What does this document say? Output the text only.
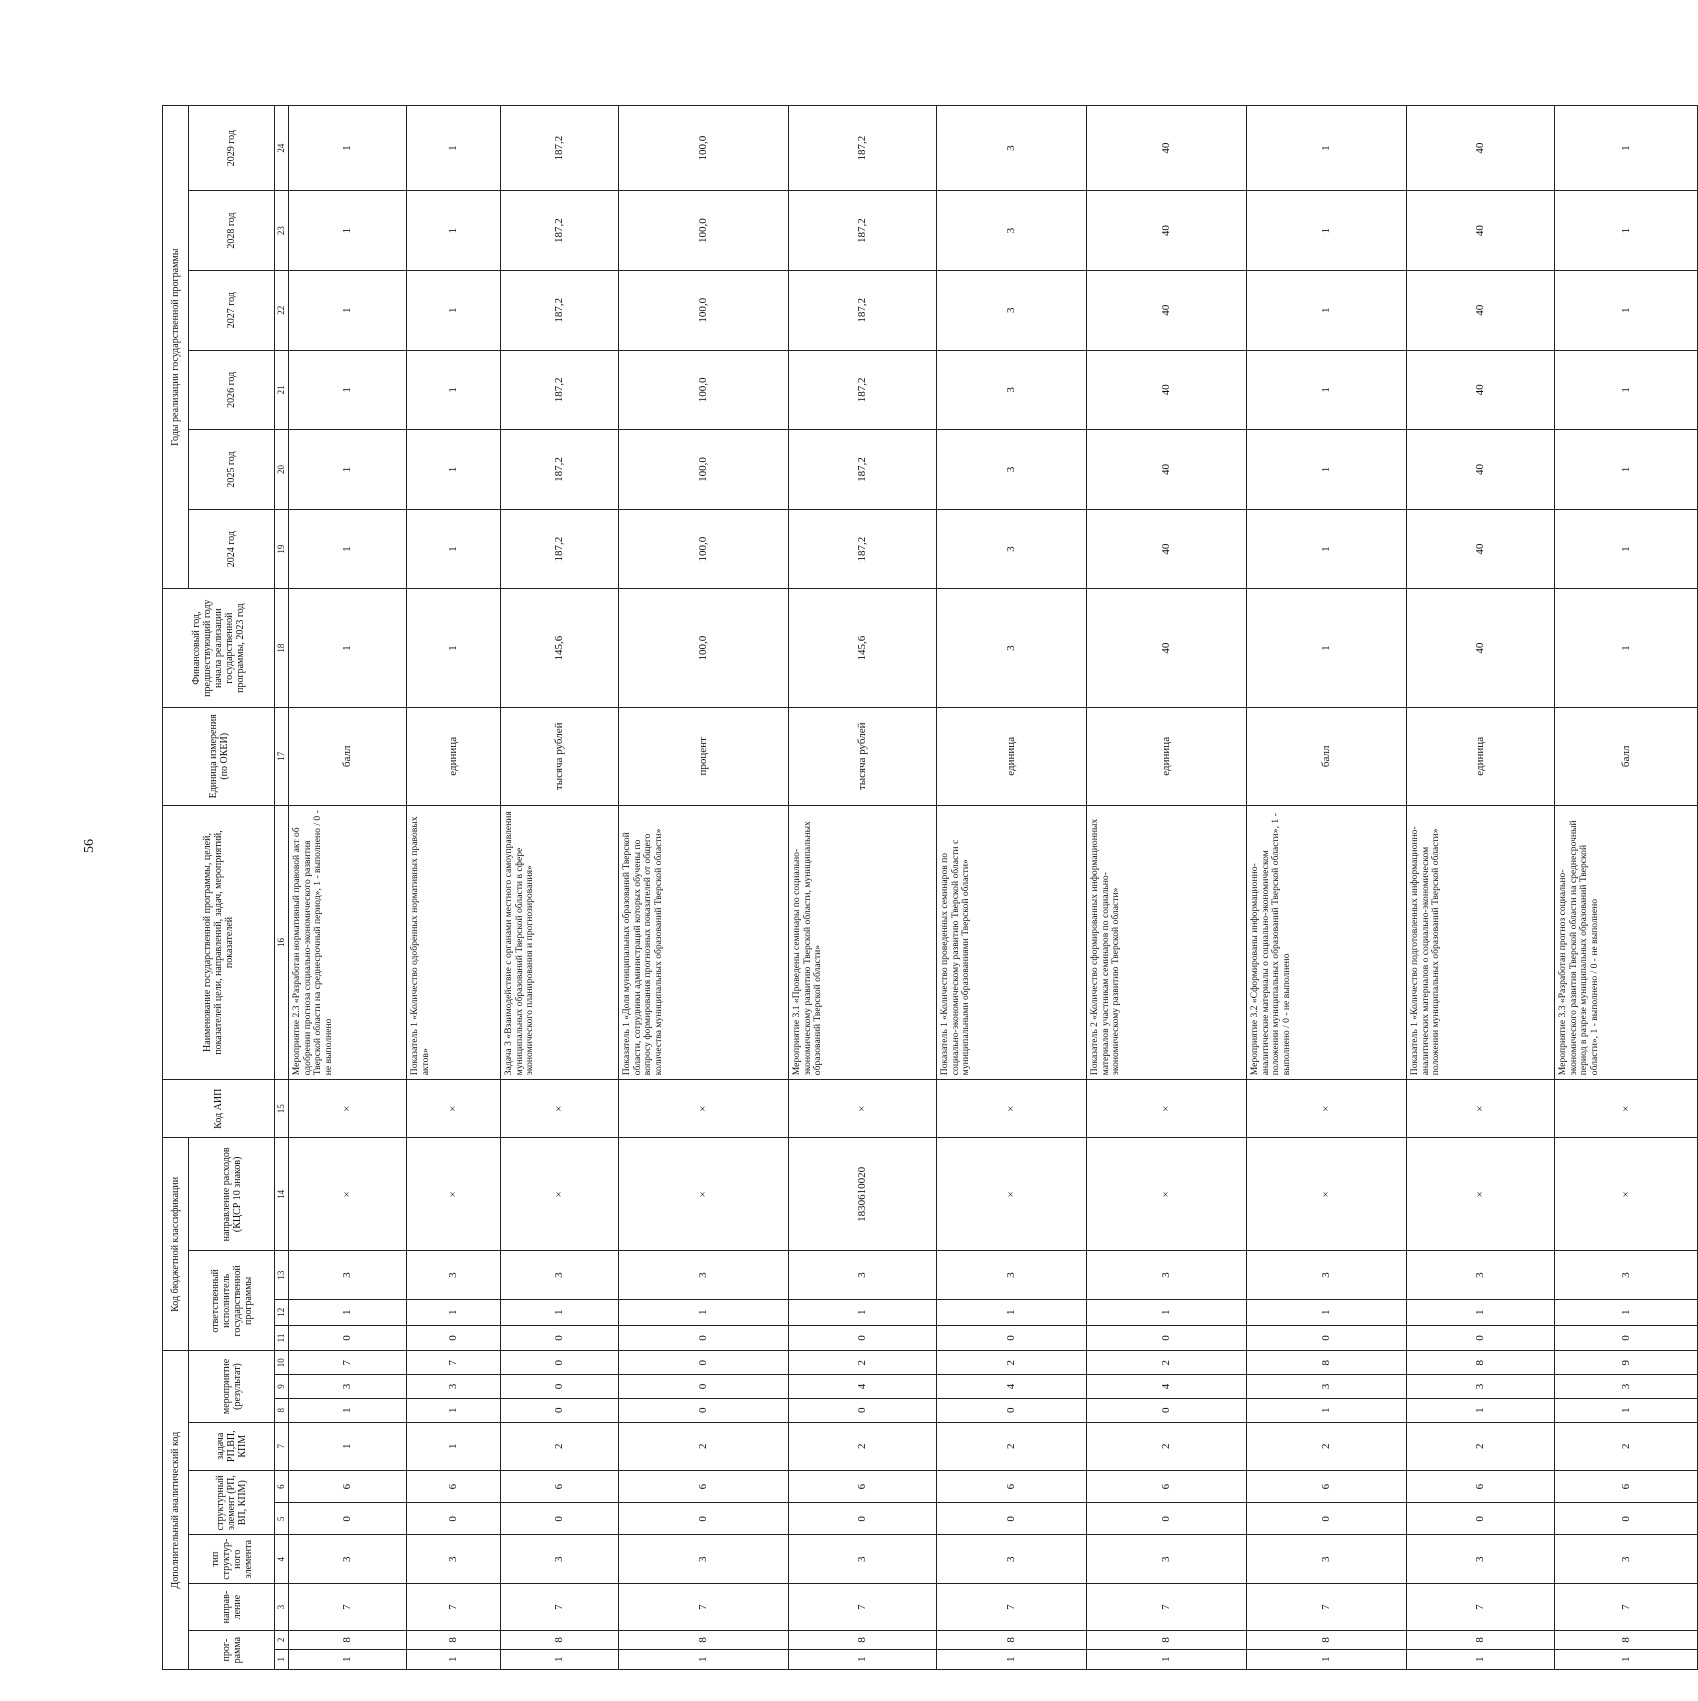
56
Дополнительный аналитический код										Код бюджетной классификации				Код АИП	Наименование государственной программы, целей, показателей цели, направлений, задач, мероприятий, показателей	Единица измерения (по ОКЕИ)	Финансовый год, предшествующий году начала реализации государственной программы, 2023 год	Годы реализации государственной программы					
прог-рамма		направ-ление	тип структур-ного элемента	структурный элемент (РП, ВП, КПМ)		задача РП,ВП, КПМ	мероприятие (результат)			ответственный исполнитель государственной программы			направление расходов (КЦСР 10 знаков)					2024 год	2025 год	2026 год	2027 год	2028 год	2029 год

1	2	3	4	5	6	7	8	9	10	11	12	13	14	15	16	17	18	19	20	21	22	23	24
1	8	7	3	0	6	1	1	3	7	0	1	3	×	×	Мероприятие 2.3 «Разработан нормативный правовой акт об одобрении прогноза социально-экономического развития Тверской области на среднесрочный период», 1 - выполнено / 0 - не выполнено	балл	1	1	1	1	1	1	1
1	8	7	3	0	6	1	1	3	7	0	1	3	×	×	Показатель 1 «Количество одобренных нормативных правовых актов»	единица	1	1	1	1	1	1	1
1	8	7	3	0	6	2	0	0	0	0	1	3	×	×	Задача 3 «Взаимодействие с органами местного самоуправления муниципальных образований Тверской области в сфере экономического планирования и прогнозирования»	тысяча рублей	145,6	187,2	187,2	187,2	187,2	187,2	187,2
1	8	7	3	0	6	2	0	0	0	0	1	3	×	×	Показатель 1 «Доля муниципальных образований Тверской области, сотрудники администраций которых обучены по вопросу формирования прогнозных показателей от общего количества муниципальных образований Тверской области»	процент	100,0	100,0	100,0	100,0	100,0	100,0	100,0
1	8	7	3	0	6	2	0	4	2	0	1	3	1830610020	×	Мероприятие 3.1 «Проведены семинары по социально-экономическому развитию Тверской области, муниципальных образований Тверской области»	тысяча рублей	145,6	187,2	187,2	187,2	187,2	187,2	187,2
1	8	7	3	0	6	2	0	4	2	0	1	3	×	×	Показатель 1 «Количество проведенных семинаров по социально-экономическому развитию Тверской области с муниципальными образованиями Тверской области»	единица	3	3	3	3	3	3	3
1	8	7	3	0	6	2	0	4	2	0	1	3	×	×	Показатель 2 «Количество сформированных информационных материалов участникам семинаров по социально-экономическому развитию Тверской области»	единица	40	40	40	40	40	40	40
1	8	7	3	0	6	2	1	3	8	0	1	3	×	×	Мероприятие 3.2 «Сформированы информационно-аналитические материалы о социально-экономическом положении муниципальных образований Тверской области», 1 - выполнено / 0 - не выполнено	балл	1	1	1	1	1	1	1
1	8	7	3	0	6	2	1	3	8	0	1	3	×	×	Показатель 1 «Количество подготовленных информационно-аналитических материалов о социально-экономическом положении муниципальных образований Тверской области»	единица	40	40	40	40	40	40	40
1	8	7	3	0	6	2	1	3	9	0	1	3	×	×	Мероприятие 3.3 «Разработан прогноз социально-экономического развития Тверской области на среднесрочный период в разрезе муниципальных образований Тверской области», 1 - выполнено / 0 - не выполнено	балл	1	1	1	1	1	1	1
